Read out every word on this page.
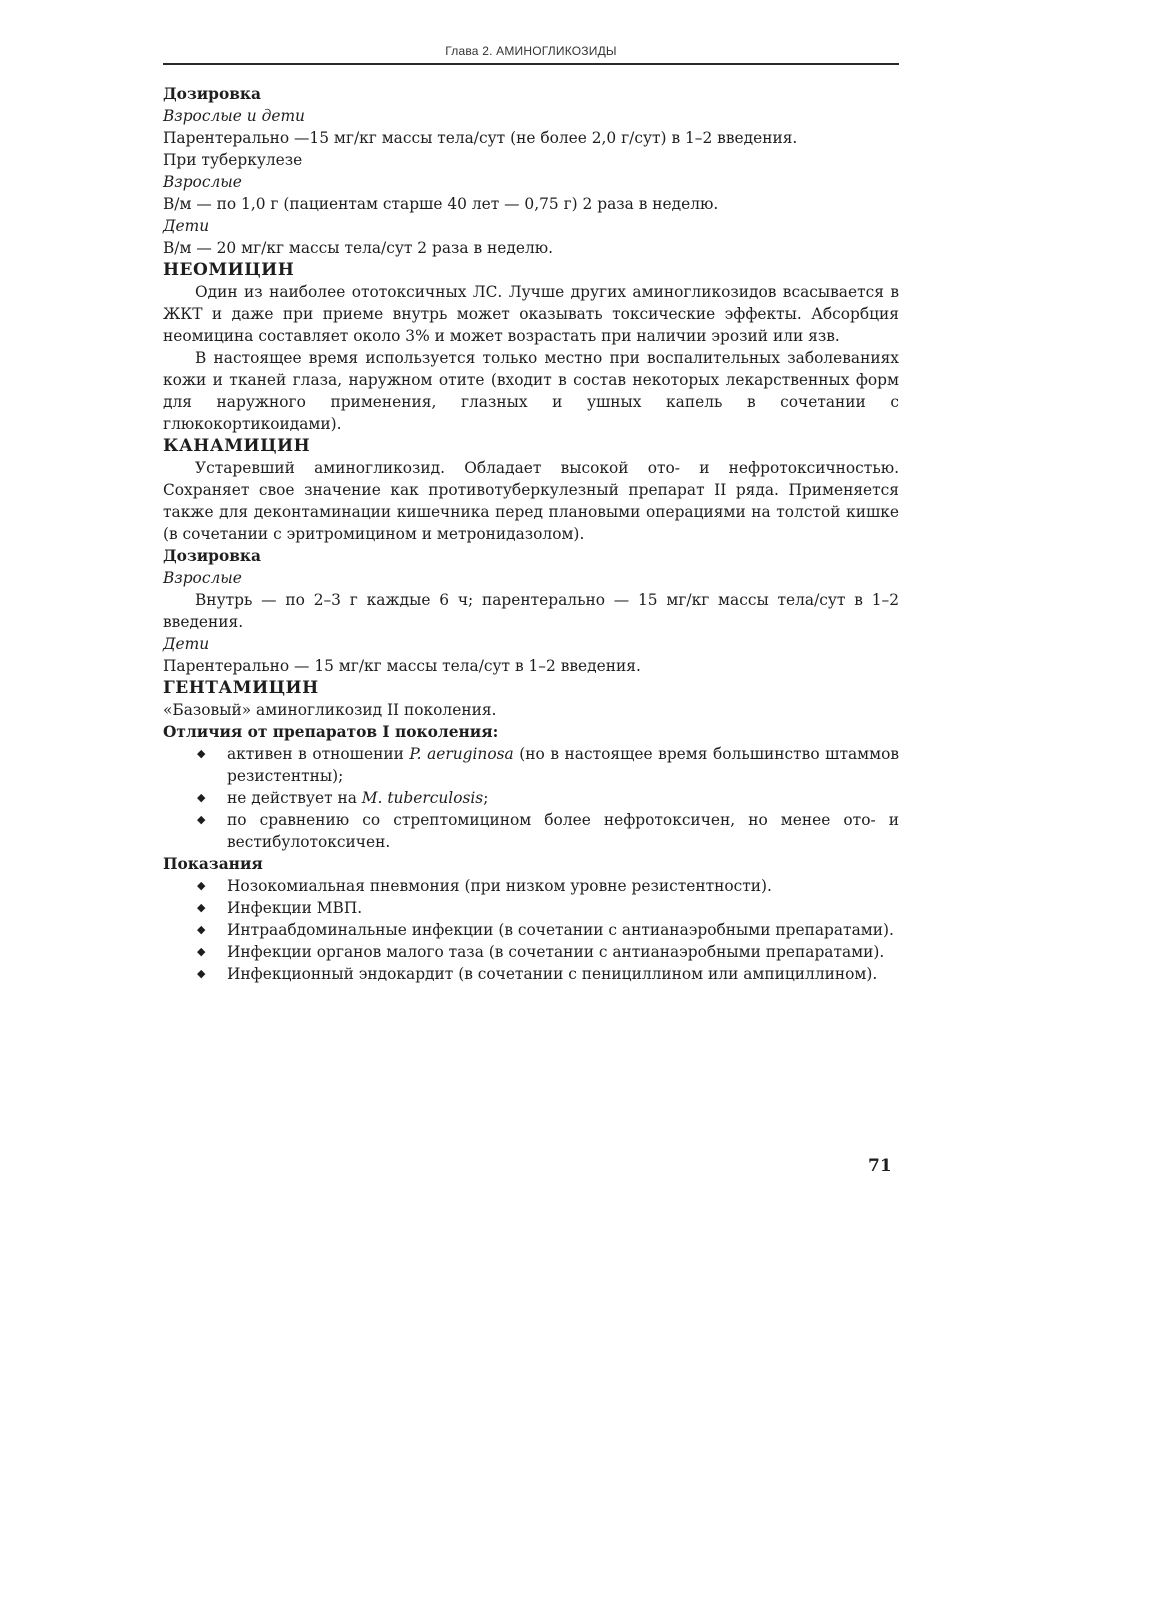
Глава 2. АМИНОГЛИКОЗИДЫ

Дозировка

Взрослые и дети

Парентерально —15 мг/кг массы тела/сут (не более 2,0 г/сут) в 1–2 введения.

При туберкулезе

Взрослые

В/м — по 1,0 г (пациентам старше 40 лет — 0,75 г) 2 раза в неделю.

Дети

В/м — 20 мг/кг массы тела/сут 2 раза в неделю.

НЕОМИЦИН

Один из наиболее ототоксичных ЛС. Лучше других аминогликозидов всасывается в ЖКТ и даже при приеме внутрь может оказывать токсические эффекты. Абсорбция неомицина составляет около 3% и может возрастать при наличии эрозий или язв.

В настоящее время используется только местно при воспалительных заболеваниях кожи и тканей глаза, наружном отите (входит в состав некоторых лекарственных форм для наружного применения, глазных и ушных капель в сочетании с глюкокортикоидами).

КАНАМИЦИН

Устаревший аминогликозид. Обладает высокой ото- и нефротоксичностью. Сохраняет свое значение как противотуберкулезный препарат II ряда. Применяется также для деконтаминации кишечника перед плановыми операциями на толстой кишке (в сочетании с эритромицином и метронидазолом).

Дозировка

Взрослые

Внутрь — по 2–3 г каждые 6 ч; парентерально — 15 мг/кг массы тела/сут в 1–2 введения.

Дети

Парентерально — 15 мг/кг массы тела/сут в 1–2 введения.

ГЕНТАМИЦИН

«Базовый» аминогликозид II поколения.

Отличия от препаратов I поколения:

◆ активен в отношении P. aeruginosa (но в настоящее время большинство штаммов резистентны);
◆ не действует на M. tuberculosis;
◆ по сравнению со стрептомицином более нефротоксичен, но менее ото- и вестибулотоксичен.

Показания

◆ Нозокомиальная пневмония (при низком уровне резистентности).
◆ Инфекции МВП.
◆ Интраабдоминальные инфекции (в сочетании с антианаэробными препаратами).
◆ Инфекции органов малого таза (в сочетании с антианаэробными препаратами).
◆ Инфекционный эндокардит (в сочетании с пенициллином или ампициллином).
71
